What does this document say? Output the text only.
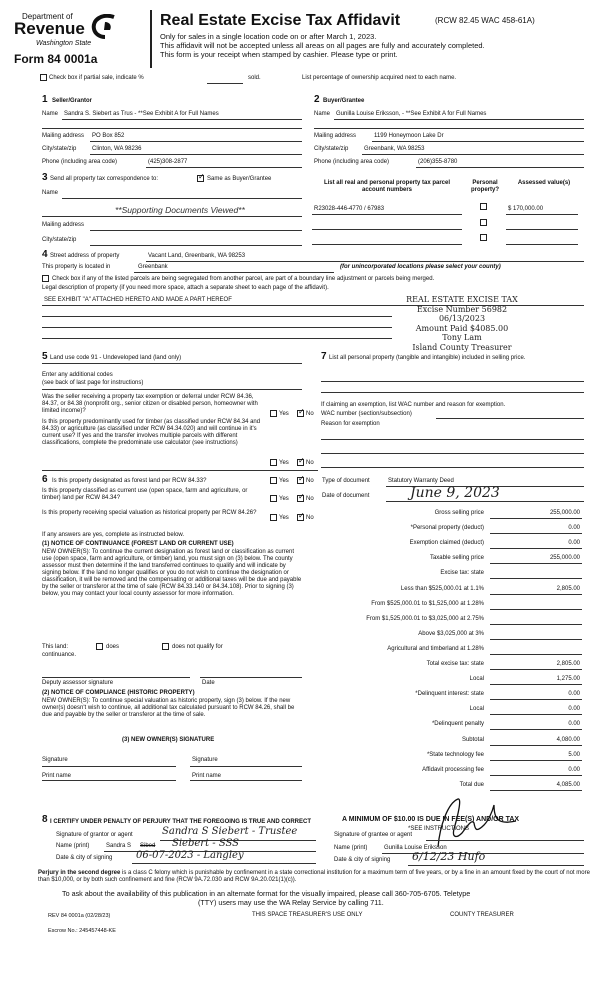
Department of
Revenue
Washington State
Form 84 0001a
Real Estate Excise Tax Affidavit	(RCW 82.45 WAC 458-61A)
Only for sales in a single location code on or after March 1, 2023.
This affidavit will not be accepted unless all areas on all pages are fully and accurately completed.
This form is your receipt when stamped by cashier. Please type or print.
Check box if partial sale, indicate %	sold.	List percentage of ownership acquired next to each name.
1 Seller/Grantor
Name Sandra S. Siebert as Trus - **See Exhibit A for Full Names
Mailing address PO Box 852
City/state/zip	Clinton, WA 98236
Phone (including area code)	(425)308-2877
2 Buyer/Grantee
Name Gunilla Louise Eriksson, - **See Exhibit A for Full Names
Mailing address	1199 Honeymoon Lake Dr
City/state/zip	Greenbank, WA 98253
Phone (including area code)	(206)355-8780
3 Send all property tax correspondence to: ✓	Same as Buyer/Grantee
Name
**Supporting Documents Viewed**
Mailing address
City/state/zip
List all real and personal property tax parcel account numbers
Personal property?
Assessed value(s)
R23028-446-4770 / 67983	$ 170,000.00
4 Street address of property	Vacant Land, Greenbank, WA 98253
This property is located in	Greenbank	(for unincorporated locations please select your county)
Check box if any of the listed parcels are being segregated from another parcel, are part of a boundary line adjustment or parcels being merged.
Legal description of property (if you need more space, attach a separate sheet to each page of the affidavit).
SEE EXHIBIT "A" ATTACHED HERETO AND MADE A PART HEREOF	REAL ESTATE EXCISE TAX
Excise Number 56982
06/13/2023
Amount Paid $4085.00
Tony Lam
Island County Treasurer
5 Land use code 91 - Undeveloped land (land only)
Enter any additional codes
(see back of last page for instructions)
Was the seller receiving a property tax exemption or deferral under RCW 84.36, 84.37, or 84.38 (nonprofit org., senior citizen or disabled person, homeowner with limited income)?	Yes ✓	No
Is this property predominantly used for timber (as classified under RCW 84.34 and 84.33) or agriculture (as classified under RCW 84.34.020) and will continue in it's current use? If yes and the transfer involves multiple parcels with different classifications, complete the predominate use calculator (see instructions)
Yes ✓	No
7 List all personal property (tangible and intangible) included in selling price.
If claiming an exemption, list WAC number and reason for exemption.
WAC number (section/subsection)
Reason for exemption
6 Is this property designated as forest land per RCW 84.33?	Yes ✓	No
Is this property classified as current use (open space, farm and agriculture, or timber) land per RCW 84.34?	Yes ✓	No
Is this property receiving special valuation as historical property per RCW 84.26?
Yes ✓	No
If any answers are yes, complete as instructed below.
(1) NOTICE OF CONTINUANCE (FOREST LAND OR CURRENT USE)
NEW OWNER(S): To continue the current designation as forest land or classification as current use (open space, farm and agriculture, or timber) land, you must sign on (3) below. The county assessor must then determine if the land transferred continues to qualify and will indicate by signing below. If the land no longer qualifies or you do not wish to continue the designation or classification, it will be removed and the compensating or additional taxes will be due and payable by the seller or transferor at the time of sale (RCW 84.33.140 or 84.34.108). Prior to signing (3) below, you may contact your local county assessor for more information.
This land:	does	does not qualify for
continuance.
Deputy assessor signature	Date
(2) NOTICE OF COMPLIANCE (HISTORIC PROPERTY)
NEW OWNER(S): To continue special valuation as historic property, sign (3) below. If the new owner(s) doesn't wish to continue, all additional tax calculated pursuant to RCW 84.26, shall be due and payable by the seller or transferor at the time of sale.
(3) NEW OWNER(S) SIGNATURE
Signature	Signature
Print name	Print name
Type of document	Statutory Warranty Deed
Date of document	June 9, 2023
Gross selling price	255,000.00
*Personal property (deduct)	0.00
Exemption claimed (deduct)	0.00
Taxable selling price	255,000.00
Excise tax: state
Less than $525,000.01 at 1.1%	2,805.00
From $525,000.01 to $1,525,000 at 1.28%
From $1,525,000.01 to $3,025,000 at 2.75%
Above $3,025,000 at 3%
Agricultural and timberland at 1.28%
Total excise tax: state	2,805.00
Local	1,275.00
*Delinquent interest: state	0.00
Local	0.00
*Delinquent penalty	0.00
Subtotal	4,080.00
*State technology fee	5.00
Affidavit processing fee	0.00
Total due	4,085.00
A MINIMUM OF $10.00 IS DUE IN FEE(S) AND/OR TAX
*SEE INSTRUCTIONS
8 I CERTIFY UNDER PENALTY OF PERJURY THAT THE FOREGOING IS TRUE AND CORRECT
Signature of grantor or agent	Sandra S Siebert - Trustee
Name (print)	Sandra S Sibed Siebert - SSS
Date & city of signing 06-07-2023 - Langley
Signature of grantee or agent
Name (print)	Gunilla Louise Eriksson
Date & city of signing 6/12/23 Hufo
Perjury in the second degree is a class C felony which is punishable by confinement in a state correctional institution for a maximum term of five years, or by a fine in an amount fixed by the court of not more than $10,000, or by both such confinement and fine (RCW 9A.72.030 and RCW 9A.20.021(1)(c)).
To ask about the availability of this publication in an alternate format for the visually impaired, please call 360-705-6705. Teletype
(TTY) users may use the WA Relay Service by calling 711.
REV 84 0001a (02/28/23)	THIS SPACE TREASURER'S USE ONLY	COUNTY TREASURER
Escrow No.: 245457448-KE
